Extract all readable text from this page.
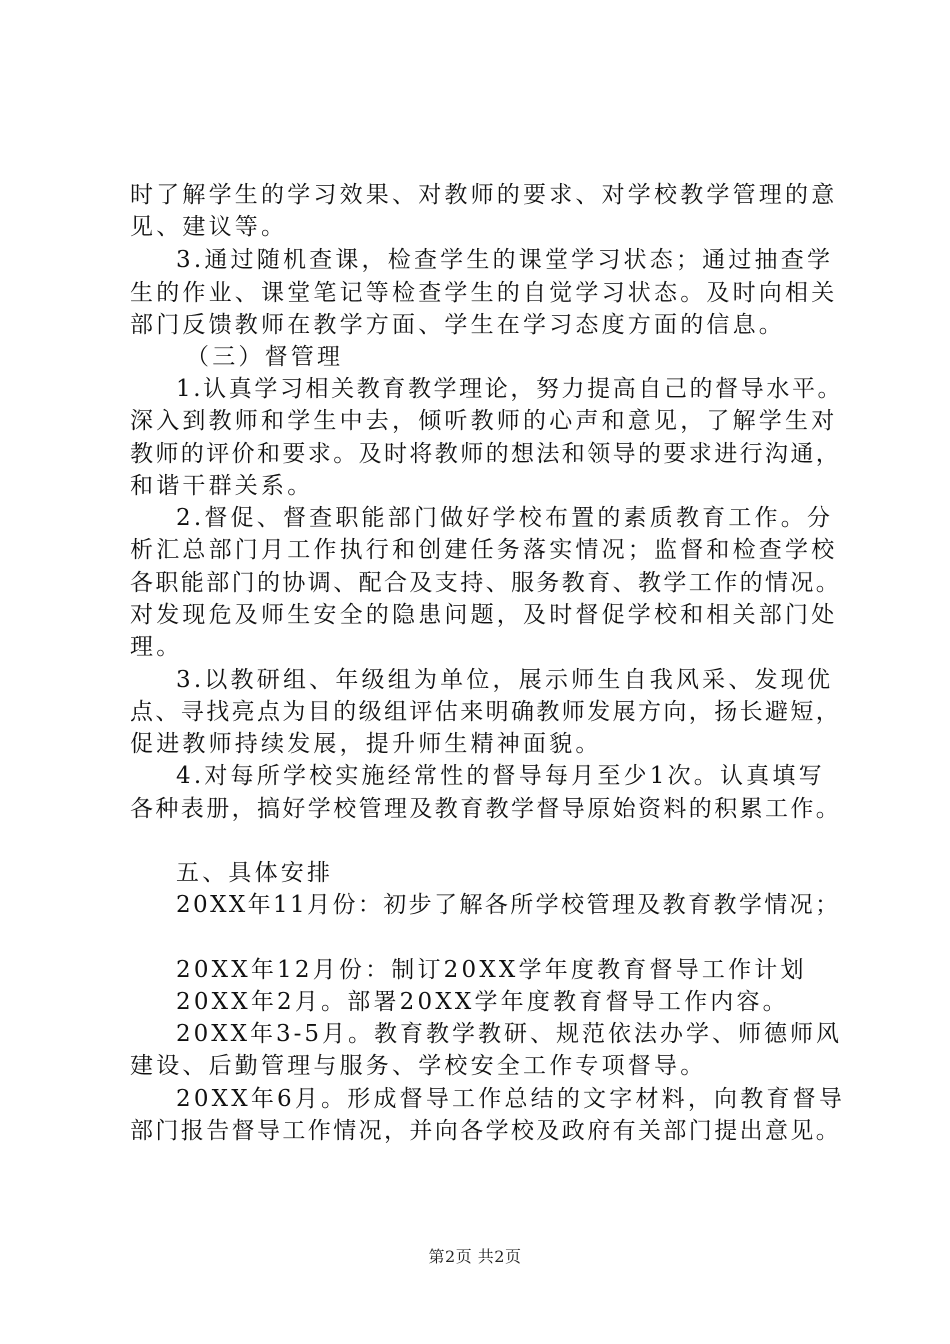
时了解学生的学习效果、对教师的要求、对学校教学管理的意
见、建议等。
3.通过随机查课，检查学生的课堂学习状态；通过抽查学
生的作业、课堂笔记等检查学生的自觉学习状态。及时向相关
部门反馈教师在教学方面、学生在学习态度方面的信息。
（三）督管理
1.认真学习相关教育教学理论，努力提高自己的督导水平。
深入到教师和学生中去，倾听教师的心声和意见，了解学生对
教师的评价和要求。及时将教师的想法和领导的要求进行沟通，
和谐干群关系。
2.督促、督查职能部门做好学校布置的素质教育工作。分
析汇总部门月工作执行和创建任务落实情况；监督和检查学校
各职能部门的协调、配合及支持、服务教育、教学工作的情况。
对发现危及师生安全的隐患问题，及时督促学校和相关部门处
理。
3.以教研组、年级组为单位，展示师生自我风采、发现优
点、寻找亮点为目的级组评估来明确教师发展方向，扬长避短，
促进教师持续发展，提升师生精神面貌。
4.对每所学校实施经常性的督导每月至少1次。认真填写
各种表册，搞好学校管理及教育教学督导原始资料的积累工作。
五、具体安排
20XX年11月份：初步了解各所学校管理及教育教学情况；
20XX年12月份：制订20XX学年度教育督导工作计划
20XX年2月。部署20XX学年度教育督导工作内容。
20XX年3-5月。教育教学教研、规范依法办学、师德师风
建设、后勤管理与服务、学校安全工作专项督导。
20XX年6月。形成督导工作总结的文字材料，向教育督导
部门报告督导工作情况，并向各学校及政府有关部门提出意见。
第2页 共2页
